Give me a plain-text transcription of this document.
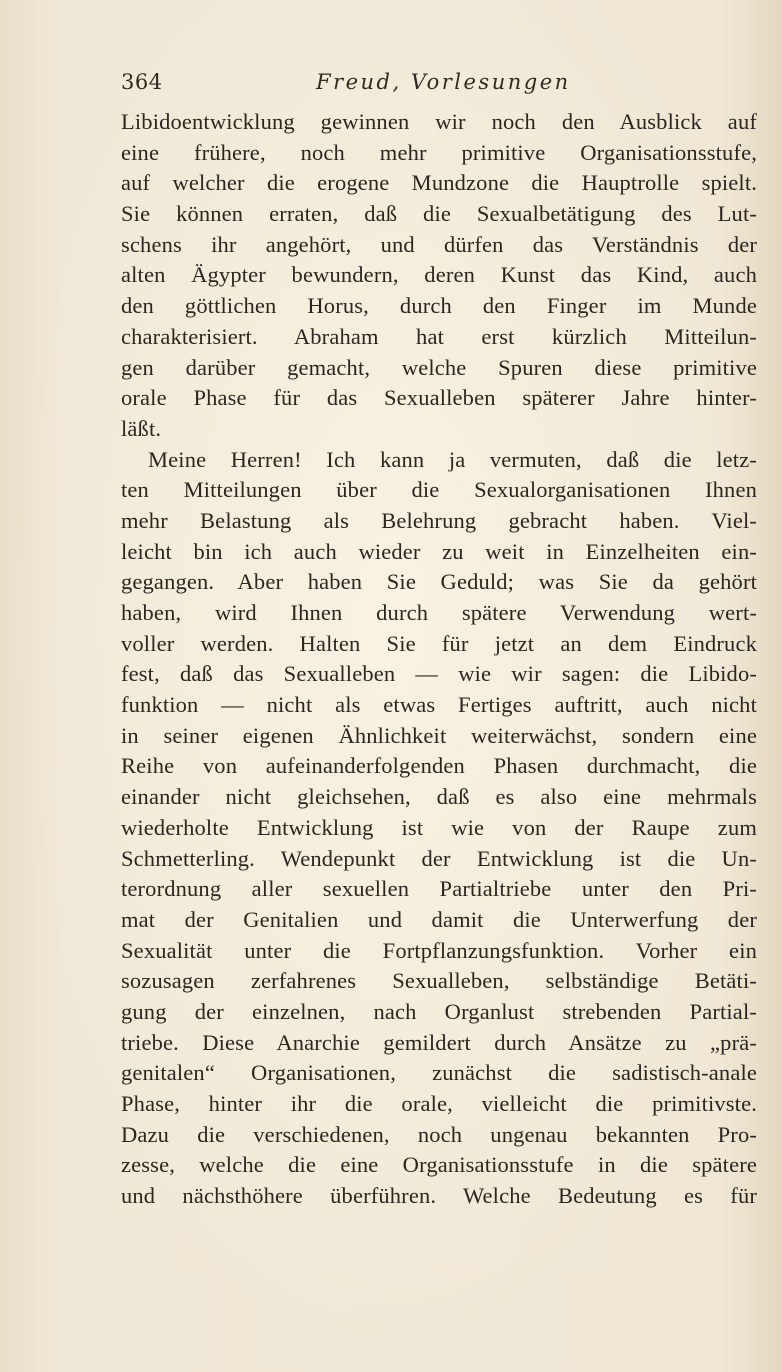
364	Freud, Vorlesungen
Libidoentwicklung gewinnen wir noch den Ausblick auf
eine frühere, noch mehr primitive Organisationsstufe,
auf welcher die erogene Mundzone die Hauptrolle spielt.
Sie können erraten, daß die Sexualbetätigung des Lut-
schens ihr angehört, und dürfen das Verständnis der
alten Ägypter bewundern, deren Kunst das Kind, auch
den göttlichen Horus, durch den Finger im Munde
charakterisiert. Abraham hat erst kürzlich Mitteilun-
gen darüber gemacht, welche Spuren diese primitive
orale Phase für das Sexualleben späterer Jahre hinter-
läßt.
Meine Herren! Ich kann ja vermuten, daß die letz-
ten Mitteilungen über die Sexualorganisationen Ihnen
mehr Belastung als Belehrung gebracht haben. Viel-
leicht bin ich auch wieder zu weit in Einzelheiten ein-
gegangen. Aber haben Sie Geduld; was Sie da gehört
haben, wird Ihnen durch spätere Verwendung wert-
voller werden. Halten Sie für jetzt an dem Eindruck
fest, daß das Sexualleben — wie wir sagen: die Libido-
funktion — nicht als etwas Fertiges auftritt, auch nicht
in seiner eigenen Ähnlichkeit weiterwächst, sondern eine
Reihe von aufeinanderfolgenden Phasen durchmacht, die
einander nicht gleichsehen, daß es also eine mehrmals
wiederholte Entwicklung ist wie von der Raupe zum
Schmetterling. Wendepunkt der Entwicklung ist die Un-
terordnung aller sexuellen Partialtriebe unter den Pri-
mat der Genitalien und damit die Unterwerfung der
Sexualität unter die Fortpflanzungsfunktion. Vorher ein
sozusagen zerfahrenes Sexualleben, selbständige Betäti-
gung der einzelnen, nach Organlust strebenden Partial-
triebe. Diese Anarchie gemildert durch Ansätze zu „prä-
genitalen“ Organisationen, zunächst die sadistisch-anale
Phase, hinter ihr die orale, vielleicht die primitivste.
Dazu die verschiedenen, noch ungenau bekannten Pro-
zesse, welche die eine Organisationsstufe in die spätere
und nächsthöhere überführen. Welche Bedeutung es für
